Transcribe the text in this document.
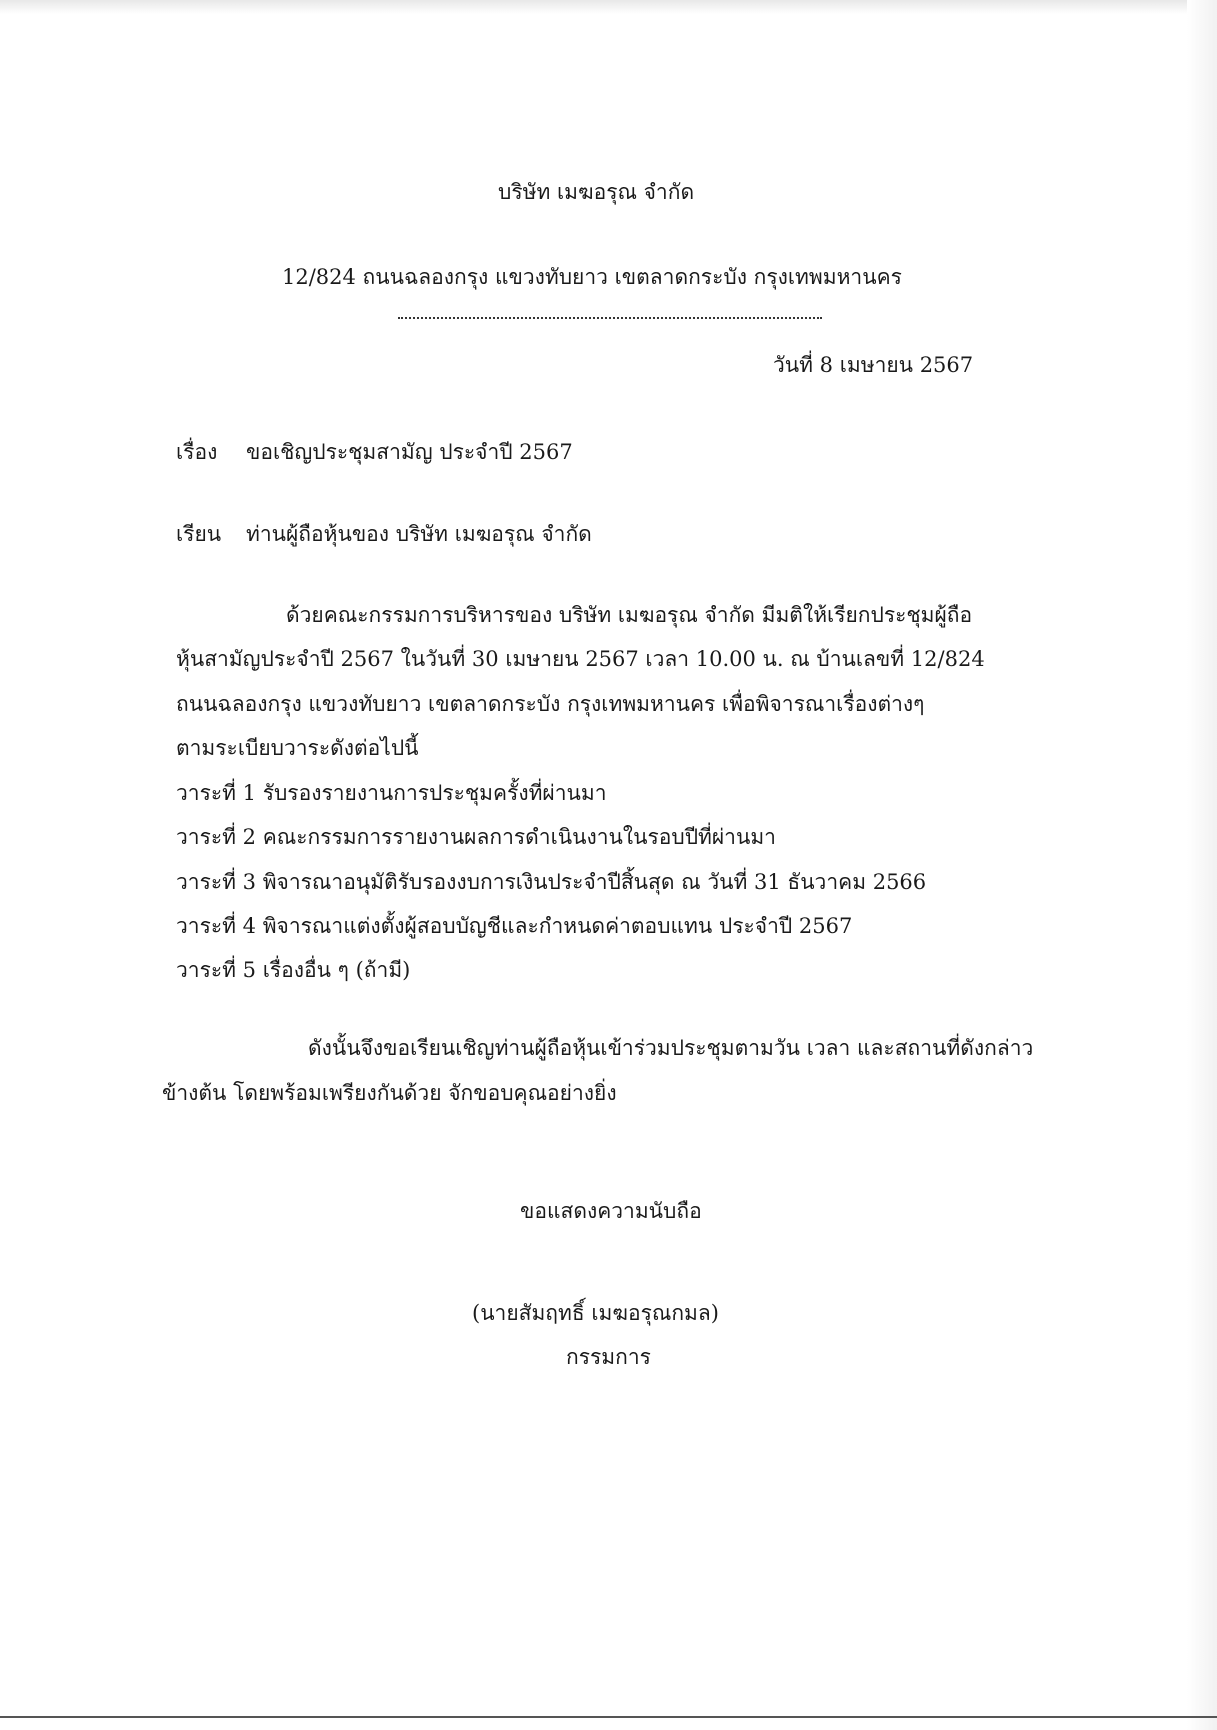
บริษัท เมฆอรุณ จำกัด
12/824 ถนนฉลองกรุง แขวงทับยาว เขตลาดกระบัง กรุงเทพมหานคร
วันที่ 8 เมษายน 2567
เรื่อง ขอเชิญประชุมสามัญ ประจำปี 2567
เรียน ท่านผู้ถือหุ้นของ บริษัท เมฆอรุณ จำกัด
ด้วยคณะกรรมการบริหารของ บริษัท เมฆอรุณ จำกัด มีมติให้เรียกประชุมผู้ถือ
หุ้นสามัญประจำปี 2567 ในวันที่ 30 เมษายน 2567 เวลา 10.00 น. ณ บ้านเลขที่ 12/824
ถนนฉลองกรุง แขวงทับยาว เขตลาดกระบัง กรุงเทพมหานคร เพื่อพิจารณาเรื่องต่างๆ
ตามระเบียบวาระดังต่อไปนี้
วาระที่ 1 รับรองรายงานการประชุมครั้งที่ผ่านมา
วาระที่ 2 คณะกรรมการรายงานผลการดำเนินงานในรอบปีที่ผ่านมา
วาระที่ 3 พิจารณาอนุมัติรับรองงบการเงินประจำปีสิ้นสุด ณ วันที่ 31 ธันวาคม 2566
วาระที่ 4 พิจารณาแต่งตั้งผู้สอบบัญชีและกำหนดค่าตอบแทน ประจำปี 2567
วาระที่ 5 เรื่องอื่น ๆ (ถ้ามี)
ดังนั้นจึงขอเรียนเชิญท่านผู้ถือหุ้นเข้าร่วมประชุมตามวัน เวลา และสถานที่ดังกล่าว
ข้างต้น โดยพร้อมเพรียงกันด้วย จักขอบคุณอย่างยิ่ง
ขอแสดงความนับถือ
(นายสัมฤทธิ์ เมฆอรุณกมล)
กรรมการ
